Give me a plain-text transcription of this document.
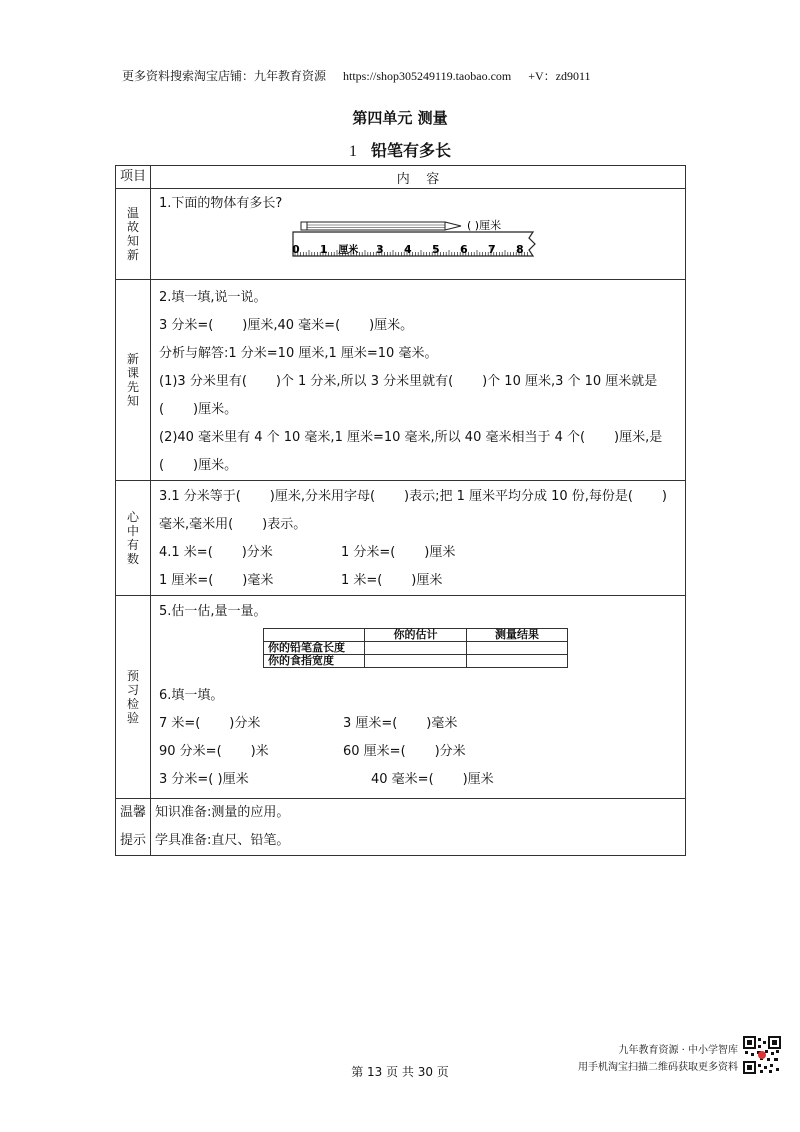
更多资料搜索淘宝店铺：九年教育资源 https://shop305249119.taobao.com +V：zd9011
第四单元 测量
1 铅笔有多长
项目	内    容
温故知新	
1.下面的物体有多长?
( )厘米
0 1 厘米 3 4 5 6 7 8

新课先知	
2.填一填,说一说。
3 分米=(       )厘米,40 毫米=(       )厘米。
分析与解答:1 分米=10 厘米,1 厘米=10 毫米。
(1)3 分米里有(       )个 1 分米,所以 3 分米里就有(       )个 10 厘米,3 个 10 厘米就是
(       )厘米。
(2)40 毫米里有 4 个 10 毫米,1 厘米=10 毫米,所以 40 毫米相当于 4 个(       )厘米,是
(       )厘米。

心中有数	
3.1 分米等于(       )厘米,分米用字母(       )表示;把 1 厘米平均分成 10 份,每份是(       )
毫米,毫米用(       )表示。
4.1 米=(       )分米	1 分米=(       )厘米
1 厘米=(       )毫米	1 米=(       )厘米

预习检验	
5.估一估,量一量。
	你的估计	测量结果
你的铅笔盒长度		
你的食指宽度		
6.填一填。
7 米=(       )分米	3 厘米=(       )毫米
90 分米=(       )米	60 厘米=(       )分米
3 分米=( )厘米	40 毫米=(       )厘米

温馨
提示

知识准备:测量的应用。
学具准备:直尺、铅笔。
九年教育资源 · 中小学智库
用手机淘宝扫描二维码获取更多资料
第 13 页 共 30 页
